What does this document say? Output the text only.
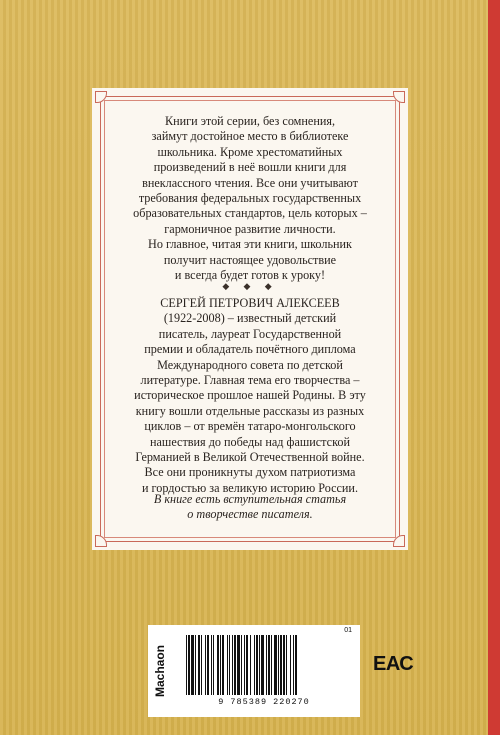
Книги этой серии, без сомнения,
займут достойное место в библиотеке
школьника. Кроме хрестоматийных
произведений в неё вошли книги для
внеклассного чтения. Все они учитывают
требования федеральных государственных
образовательных стандартов, цель которых –
гармоничное развитие личности.
Но главное, читая эти книги, школьник
получит настоящее удовольствие
и всегда будет готов к уроку!
◆ ◆ ◆
СЕРГЕЙ ПЕТРОВИЧ АЛЕКСЕЕВ
(1922-2008) – известный детский
писатель, лауреат Государственной
премии и обладатель почётного диплома
Международного совета по детской
литературе. Главная тема его творчества –
историческое прошлое нашей Родины. В эту
книгу вошли отдельные рассказы из разных
циклов – от времён татаро-монгольского
нашествия до победы над фашистской
Германией в Великой Отечественной войне.
Все они проникнуты духом патриотизма
и гордостью за великую историю России.
В книге есть вступительная статья
о творчестве писателя.
Machaon
01
9 785389 220270
ЕАС
